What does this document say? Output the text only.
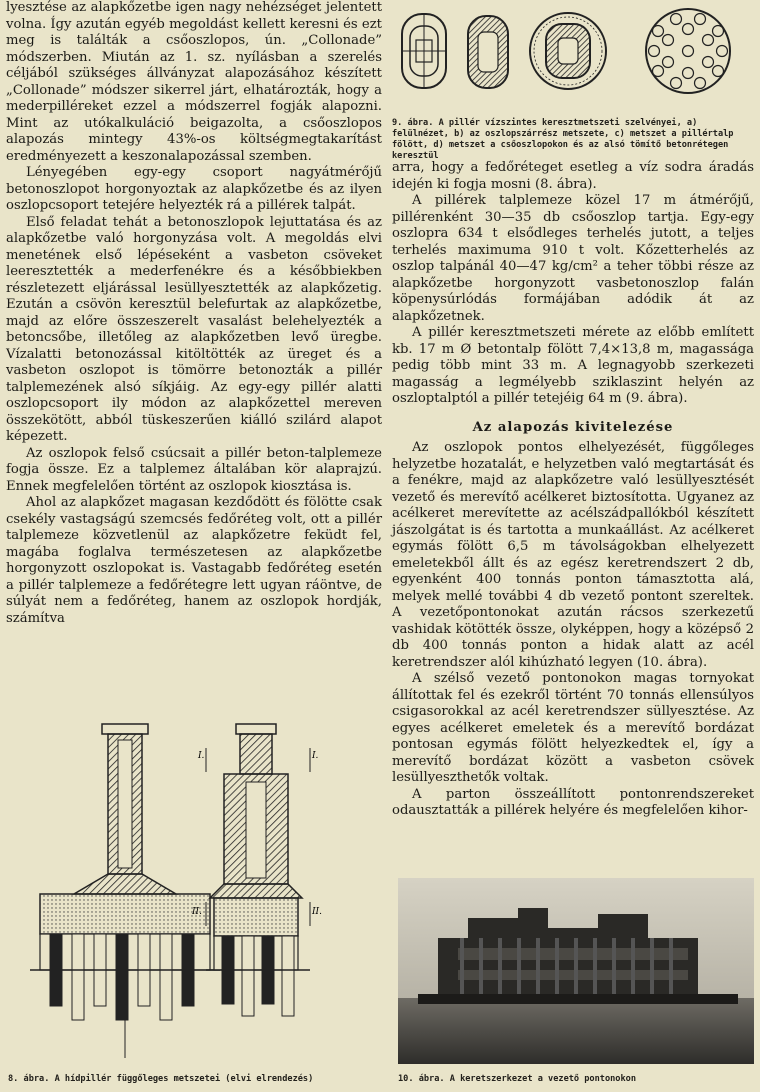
lyesztése az alapkőzetbe igen nagy nehézséget jelentett volna. Így azután egyéb megoldást kellett keresni és ezt meg is találták a csőoszlopos, ún. „Collonade” módszerben. Miután az 1. sz. nyílásban a szerelés céljából szükséges állványzat alapozásához készített „Collonade” módszer sikerrel járt, elhatározták, hogy a mederpilléreket ezzel a módszerrel fogják alapozni. Mint az utókalkuláció beigazolta, a csőoszlopos alapozás mintegy 43%-os költségmegtakarítást eredményezett a keszonalapozással szemben.

Lényegében egy-egy csoport nagyátmérőjű betonoszlopot horgonyoztak az alapkőzetbe és az ilyen oszlopcsoport tetejére helyezték rá a pillérek talpát.

Első feladat tehát a betonoszlopok lejuttatása és az alapkőzetbe való horgonyzása volt. A megoldás elvi menetének első lépéseként a vasbeton csöveket leeresztették a mederfenékre és a későbbiekben részletezett eljárással lesüllyesztették az alapkőzetig. Ezután a csövön keresztül belefurtak az alapkőzetbe, majd az előre összeszerelt vasalást belehelyezték a betoncsőbe, illetőleg az alapkőzetben levő üregbe. Vízalatti betonozással kitöltötték az üreget és a vasbeton oszlopot is tömörre betonozták a pillér talplemezének alsó síkjáig. Az egy-egy pillér alatti oszlopcsoport ily módon az alapkőzettel mereven összekötött, abból tüskeszerűen kiálló szilárd alapot képezett.

Az oszlopok felső csúcsait a pillér beton-talplemeze fogja össze. Ez a talplemez általában kör alaprajzú. Ennek megfelelően történt az oszlopok kiosztása is.

Ahol az alapkőzet magasan kezdődött és fölötte csak csekély vastagságú szemcsés fedőréteg volt, ott a pillér talplemeze közvetlenül az alapkőzetre feküdt fel, magába foglalva természetesen az alapkőzetbe horgonyzott oszlopokat is. Vastagabb fedőréteg esetén a pillér talplemeze a fedőrétegre lett ugyan ráöntve, de súlyát nem a fedőréteg, hanem az oszlopok hordják, számítva

9. ábra. A pillér vízszintes keresztmetszeti szelvényei, a) felülnézet, b) az oszlopszárrész metszete, c) metszet a pillértalp fölött, d) metszet a csőoszlopokon és az alsó tömítő betonrétegen keresztül

arra, hogy a fedőréteget esetleg a víz sodra áradás idején ki fogja mosni (8. ábra).

A pillérek talplemeze közel 17 m átmérőjű, pillérenként 30—35 db csőoszlop tartja. Egy-egy oszlopra 634 t elsődleges terhelés jutott, a teljes terhelés maximuma 910 t volt. Kőzetterhelés az oszlop talpánál 40—47 kg/cm² a teher többi része az alapkőzetbe horgonyzott vasbetonoszlop falán köpenysúrlódás formájában adódik át az alapkőzetnek.

A pillér keresztmetszeti mérete az előbb említett kb. 17 m Ø betontalp fölött 7,4×13,8 m, magassága pedig több mint 33 m. A legnagyobb szerkezeti magasság a legmélyebb sziklaszint helyén az oszloptalptól a pillér tetejéig 64 m (9. ábra).

Az alapozás kivitelezése

Az oszlopok pontos elhelyezését, függőleges helyzetbe hozatalát, e helyzetben való megtartását és a fenékre, majd az alapkőzetre való lesüllyesztését vezető és merevítő acélkeret biztosította. Ugyanez az acélkeret merevítette az acélszádpallókból készített jászolgátat is és tartotta a munkaállást. Az acélkeret egymás fölött 6,5 m távolságokban elhelyezett emeletekből állt és az egész keretrendszert 2 db, egyenként 400 tonnás ponton támasztotta alá, melyek mellé további 4 db vezető pontont szereltek. A vezetőpontonokat azután rácsos szerkezetű vashidak kötötték össze, olyképpen, hogy a középső 2 db 400 tonnás ponton a hidak alatt az acél keretrendszer alól kihúzható legyen (10. ábra).

A szélső vezető pontonokon magas tornyokat állítottak fel és ezekről történt 70 tonnás ellensúlyos csigasorokkal az acél keretrendszer süllyesztése. Az egyes acélkeret emeletek és a merevítő bordázat pontosan egymás fölött helyezkedtek el, így a merevítő bordázat között a vasbeton csövek lesüllyeszthetők voltak.

A parton összeállított pontonrendszereket odausztatták a pillérek helyére és megfelelően kihor-

I.	I.
II.	II.
8. ábra. A hídpillér függőleges metszetei (elvi elrendezés)	10. ábra. A keretszerkezet a vezető pontonokon
